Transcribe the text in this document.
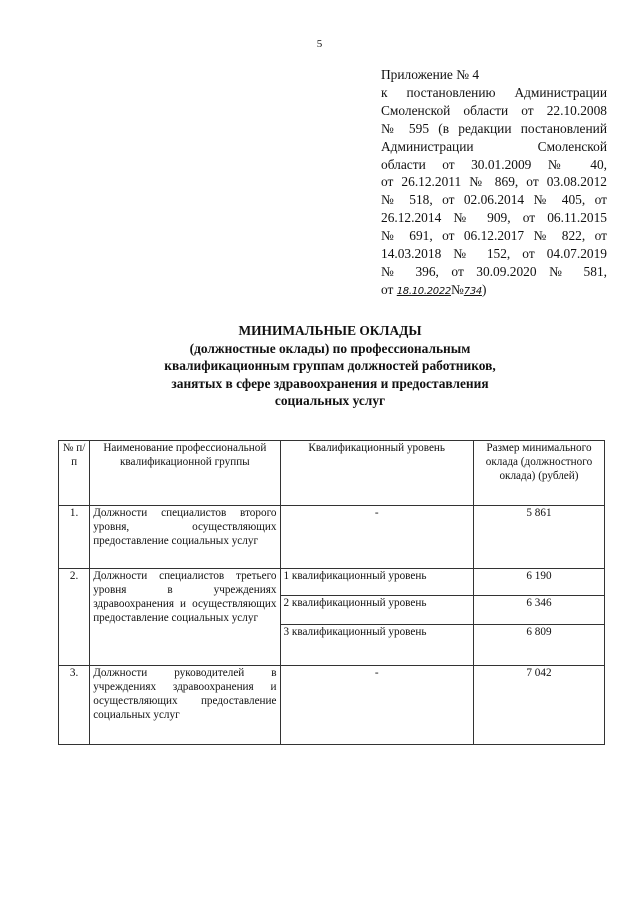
5
Приложение № 4
к постановлению Администрации
Смоленской области от 22.10.2008
№ 595 (в редакции постановлений
Администрации Смоленской
области от 30.01.2009 № 40,
от 26.12.2011 № 869, от 03.08.2012
№ 518, от 02.06.2014 № 405, от
26.12.2014 № 909, от 06.11.2015
№ 691, от 06.12.2017 № 822, от
14.03.2018 № 152, от 04.07.2019
№ 396, от 30.09.2020 № 581,
от 18.10.2022№734)
МИНИМАЛЬНЫЕ ОКЛАДЫ
(должностные оклады) по профессиональным
квалификационным группам должностей работников,
занятых в сфере здравоохранения и предоставления
социальных услуг
№ п/п	Наименование профессиональной квалификационной группы	Квалификационный уровень	Размер минимального оклада (должностного оклада) (рублей)
1.	Должности специалистов второго уровня, осуществляющих предоставление социальных услуг	-	5 861
2.	Должности специалистов третьего уровня в учреждениях здравоохранения и осуществляющих предоставление социальных услуг	1 квалификационный уровень	6 190
		2 квалификационный уровень	6 346
		3 квалификационный уровень	6 809
3.	Должности руководителей в учреждениях здравоохранения и осуществляющих предоставление социальных услуг	-	7 042
